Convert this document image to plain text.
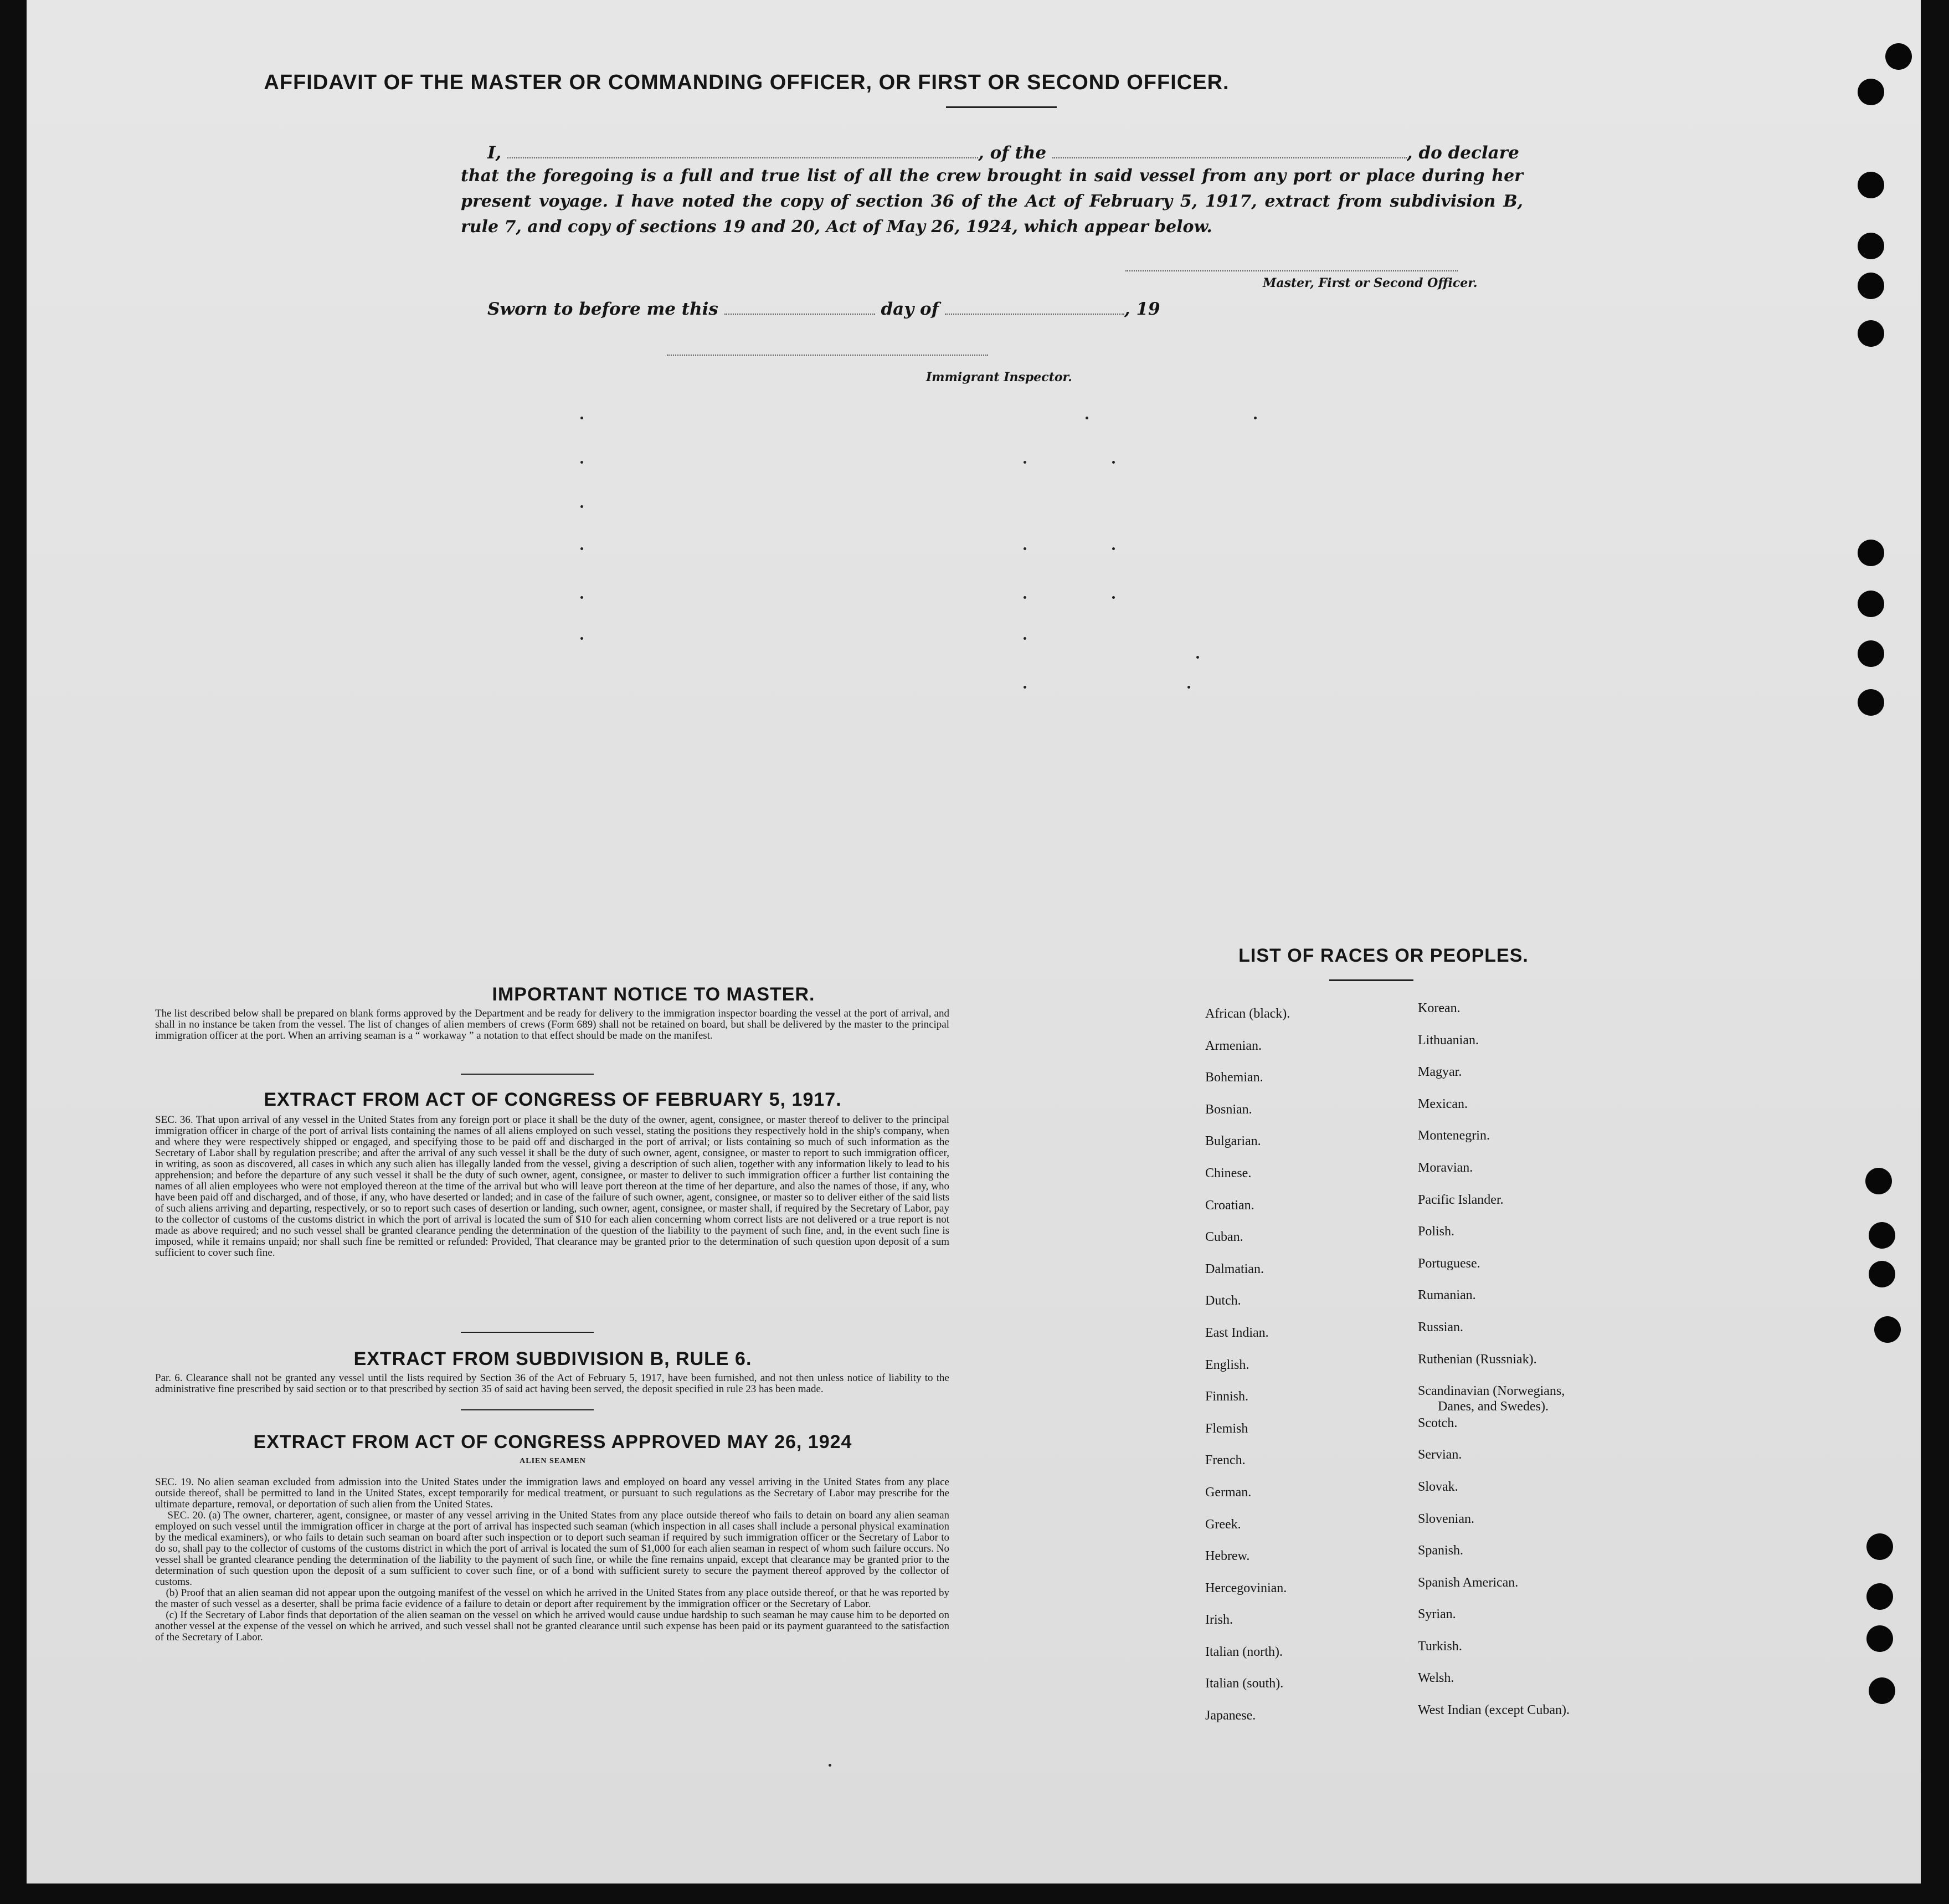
AFFIDAVIT OF THE MASTER OR COMMANDING OFFICER, OR FIRST OR SECOND OFFICER.
I,	, of the	, do declare
that the foregoing is a full and true list of all the crew brought in said vessel from any port or place during her present voyage. I have noted the copy of section 36 of the Act of February 5, 1917, extract from subdivision B, rule 7, and copy of sections 19 and 20, Act of May 26, 1924, which appear below.
Master, First or Second Officer.
Sworn to before me this	day of	, 19
Immigrant Inspector.
IMPORTANT NOTICE TO MASTER.
The list described below shall be prepared on blank forms approved by the Department and be ready for delivery to the immigration inspector boarding the vessel at the port of arrival, and shall in no instance be taken from the vessel. The list of changes of alien members of crews (Form 689) shall not be retained on board, but shall be delivered by the master to the principal immigration officer at the port. When an arriving seaman is a “ workaway ” a notation to that effect should be made on the manifest.
EXTRACT FROM ACT OF CONGRESS OF FEBRUARY 5, 1917.
SEC. 36. That upon arrival of any vessel in the United States from any foreign port or place it shall be the duty of the owner, agent, consignee, or master thereof to deliver to the principal immigration officer in charge of the port of arrival lists containing the names of all aliens employed on such vessel, stating the positions they respectively hold in the ship's company, when and where they were respectively shipped or engaged, and specifying those to be paid off and discharged in the port of arrival; or lists containing so much of such information as the Secretary of Labor shall by regulation prescribe; and after the arrival of any such vessel it shall be the duty of such owner, agent, consignee, or master to report to such immigration officer, in writing, as soon as discovered, all cases in which any such alien has illegally landed from the vessel, giving a description of such alien, together with any information likely to lead to his apprehension; and before the departure of any such vessel it shall be the duty of such owner, agent, consignee, or master to deliver to such immigration officer a further list containing the names of all alien employees who were not employed thereon at the time of the arrival but who will leave port thereon at the time of her departure, and also the names of those, if any, who have been paid off and discharged, and of those, if any, who have deserted or landed; and in case of the failure of such owner, agent, consignee, or master so to deliver either of the said lists of such aliens arriving and departing, respectively, or so to report such cases of desertion or landing, such owner, agent, consignee, or master shall, if required by the Secretary of Labor, pay to the collector of customs of the customs district in which the port of arrival is located the sum of $10 for each alien concerning whom correct lists are not delivered or a true report is not made as above required; and no such vessel shall be granted clearance pending the determination of the question of the liability to the payment of such fine, and, in the event such fine is imposed, while it remains unpaid; nor shall such fine be remitted or refunded: Provided, That clearance may be granted prior to the determination of such question upon deposit of a sum sufficient to cover such fine.
EXTRACT FROM SUBDIVISION B, RULE 6.
Par. 6. Clearance shall not be granted any vessel until the lists required by Section 36 of the Act of February 5, 1917, have been furnished, and not then unless notice of liability to the administrative fine prescribed by said section or to that prescribed by section 35 of said act having been served, the deposit specified in rule 23 has been made.
EXTRACT FROM ACT OF CONGRESS APPROVED MAY 26, 1924
ALIEN SEAMEN
SEC. 19. No alien seaman excluded from admission into the United States under the immigration laws and employed on board any vessel arriving in the United States from any place outside thereof, shall be permitted to land in the United States, except temporarily for medical treatment, or pursuant to such regulations as the Secretary of Labor may prescribe for the ultimate departure, removal, or deportation of such alien from the United States.
SEC. 20. (a) The owner, charterer, agent, consignee, or master of any vessel arriving in the United States from any place outside thereof who fails to detain on board any alien seaman employed on such vessel until the immigration officer in charge at the port of arrival has inspected such seaman (which inspection in all cases shall include a personal physical examination by the medical examiners), or who fails to detain such seaman on board after such inspection or to deport such seaman if required by such immigration officer or the Secretary of Labor to do so, shall pay to the collector of customs of the customs district in which the port of arrival is located the sum of $1,000 for each alien seaman in respect of whom such failure occurs. No vessel shall be granted clearance pending the determination of the liability to the payment of such fine, or while the fine remains unpaid, except that clearance may be granted prior to the determination of such question upon the deposit of a sum sufficient to cover such fine, or of a bond with sufficient surety to secure the payment thereof approved by the collector of customs.
(b) Proof that an alien seaman did not appear upon the outgoing manifest of the vessel on which he arrived in the United States from any place outside thereof, or that he was reported by the master of such vessel as a deserter, shall be prima facie evidence of a failure to detain or deport after requirement by the immigration officer or the Secretary of Labor.
(c) If the Secretary of Labor finds that deportation of the alien seaman on the vessel on which he arrived would cause undue hardship to such seaman he may cause him to be deported on another vessel at the expense of the vessel on which he arrived, and such vessel shall not be granted clearance until such expense has been paid or its payment guaranteed to the satisfaction of the Secretary of Labor.
LIST OF RACES OR PEOPLES.
African (black).
Armenian.
Bohemian.
Bosnian.
Bulgarian.
Chinese.
Croatian.
Cuban.
Dalmatian.
Dutch.
East Indian.
English.
Finnish.
Flemish
French.
German.
Greek.
Hebrew.
Hercegovinian.
Irish.
Italian (north).
Italian (south).
Japanese.
Korean.
Lithuanian.
Magyar.
Mexican.
Montenegrin.
Moravian.
Pacific Islander.
Polish.
Portuguese.
Rumanian.
Russian.
Ruthenian (Russniak).
Scandinavian (Norwegians,
Danes, and Swedes).
Scotch.
Servian.
Slovak.
Slovenian.
Spanish.
Spanish American.
Syrian.
Turkish.
Welsh.
West Indian (except Cuban).
